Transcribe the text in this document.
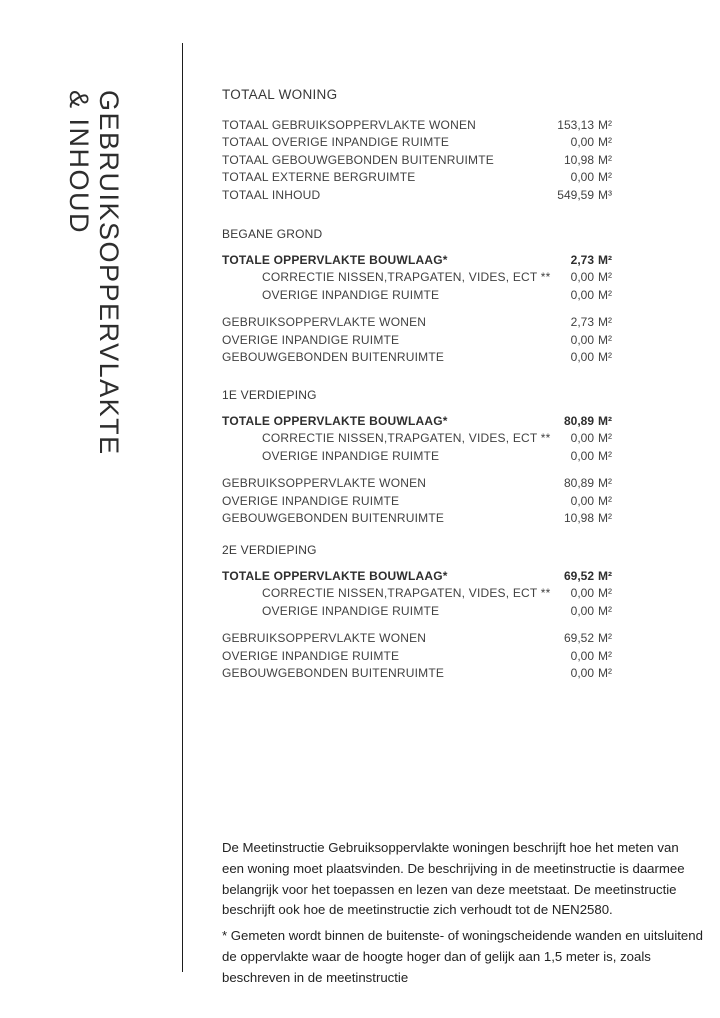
GEBRUIKSOPPERVLAKTE
& INHOUD	TOTAAL WONING
TOTAAL GEBRUIKSOPPERVLAKTE WONEN	153,13 M²
TOTAAL OVERIGE INPANDIGE RUIMTE	0,00 M²
TOTAAL GEBOUWGEBONDEN BUITENRUIMTE	10,98 M²
TOTAAL EXTERNE BERGRUIMTE	0,00 M²
TOTAAL INHOUD	549,59 M³
BEGANE GROND
TOTALE OPPERVLAKTE BOUWLAAG*	2,73 M²
CORRECTIE NISSEN,TRAPGATEN, VIDES, ECT ** 0,00 M²
OVERIGE INPANDIGE RUIMTE	0,00 M²
GEBRUIKSOPPERVLAKTE WONEN	2,73 M²
OVERIGE INPANDIGE RUIMTE	0,00 M²
GEBOUWGEBONDEN BUITENRUIMTE	0,00 M²
1E VERDIEPING
TOTALE OPPERVLAKTE BOUWLAAG*	80,89 M²
CORRECTIE NISSEN,TRAPGATEN, VIDES, ECT ** 0,00 M²
OVERIGE INPANDIGE RUIMTE	0,00 M²
GEBRUIKSOPPERVLAKTE WONEN	80,89 M²
OVERIGE INPANDIGE RUIMTE	0,00 M²
GEBOUWGEBONDEN BUITENRUIMTE	10,98 M²
2E VERDIEPING
TOTALE OPPERVLAKTE BOUWLAAG*	69,52 M²
CORRECTIE NISSEN,TRAPGATEN, VIDES, ECT ** 0,00 M²
OVERIGE INPANDIGE RUIMTE	0,00 M²
GEBRUIKSOPPERVLAKTE WONEN	69,52 M²
OVERIGE INPANDIGE RUIMTE	0,00 M²
GEBOUWGEBONDEN BUITENRUIMTE	0,00 M²

De Meetinstructie Gebruiksoppervlakte woningen beschrijft hoe het meten van een woning moet plaatsvinden. De beschrijving in de meetinstructie is daarmee belangrijk voor het toepassen en lezen van deze meetstaat. De meetinstructie beschrijft ook hoe de meetinstructie zich verhoudt tot de NEN2580.

* Gemeten wordt binnen de buitenste- of woningscheidende wanden en uitsluitend de oppervlakte waar de hoogte hoger dan of gelijk aan 1,5 meter is, zoals beschreven in de meetinstructie
